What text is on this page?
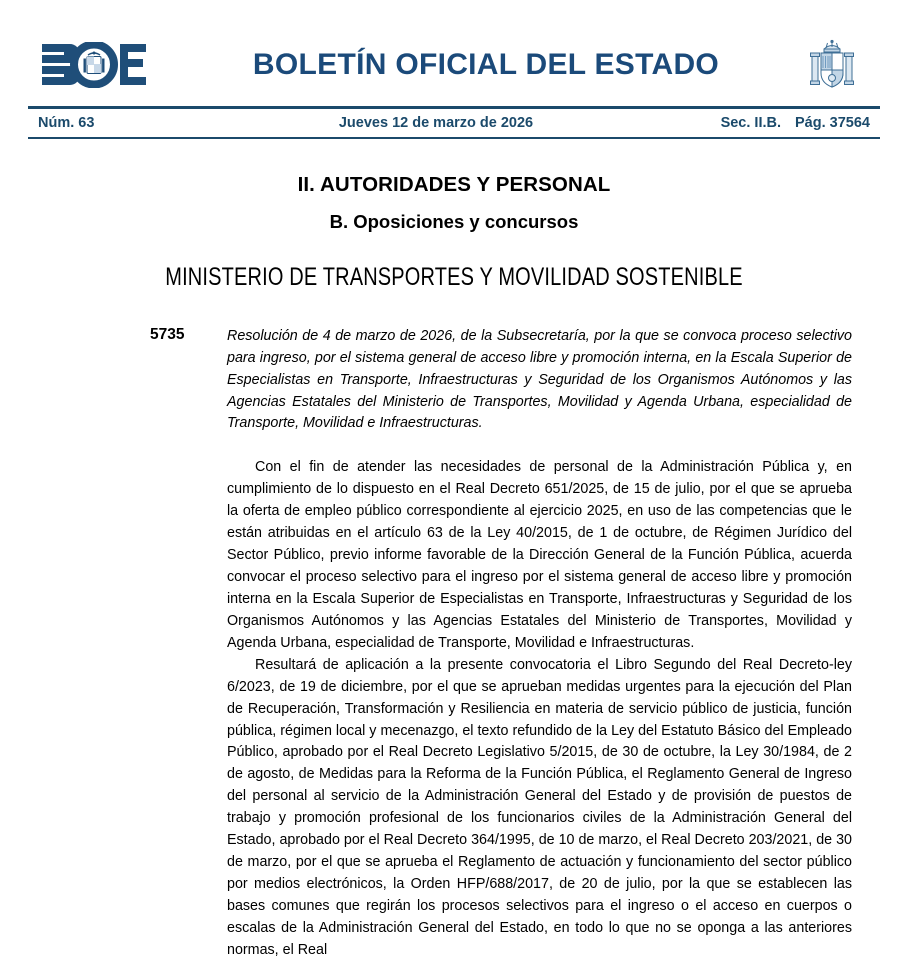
BOLETÍN OFICIAL DEL ESTADO
Núm. 63	Jueves 12 de marzo de 2026	Sec. II.B. Pág. 37564
II. AUTORIDADES Y PERSONAL
B. Oposiciones y concursos
MINISTERIO DE TRANSPORTES Y MOVILIDAD SOSTENIBLE
5735	Resolución de 4 de marzo de 2026, de la Subsecretaría, por la que se convoca proceso selectivo para ingreso, por el sistema general de acceso libre y promoción interna, en la Escala Superior de Especialistas en Transporte, Infraestructuras y Seguridad de los Organismos Autónomos y las Agencias Estatales del Ministerio de Transportes, Movilidad y Agenda Urbana, especialidad de Transporte, Movilidad e Infraestructuras.

Con el fin de atender las necesidades de personal de la Administración Pública y, en cumplimiento de lo dispuesto en el Real Decreto 651/2025, de 15 de julio, por el que se aprueba la oferta de empleo público correspondiente al ejercicio 2025, en uso de las competencias que le están atribuidas en el artículo 63 de la Ley 40/2015, de 1 de octubre, de Régimen Jurídico del Sector Público, previo informe favorable de la Dirección General de la Función Pública, acuerda convocar el proceso selectivo para el ingreso por el sistema general de acceso libre y promoción interna en la Escala Superior de Especialistas en Transporte, Infraestructuras y Seguridad de los Organismos Autónomos y las Agencias Estatales del Ministerio de Transportes, Movilidad y Agenda Urbana, especialidad de Transporte, Movilidad e Infraestructuras.

Resultará de aplicación a la presente convocatoria el Libro Segundo del Real Decreto-ley 6/2023, de 19 de diciembre, por el que se aprueban medidas urgentes para la ejecución del Plan de Recuperación, Transformación y Resiliencia en materia de servicio público de justicia, función pública, régimen local y mecenazgo, el texto refundido de la Ley del Estatuto Básico del Empleado Público, aprobado por el Real Decreto Legislativo 5/2015, de 30 de octubre, la Ley 30/1984, de 2 de agosto, de Medidas para la Reforma de la Función Pública, el Reglamento General de Ingreso del personal al servicio de la Administración General del Estado y de provisión de puestos de trabajo y promoción profesional de los funcionarios civiles de la Administración General del Estado, aprobado por el Real Decreto 364/1995, de 10 de marzo, el Real Decreto 203/2021, de 30 de marzo, por el que se aprueba el Reglamento de actuación y funcionamiento del sector público por medios electrónicos, la Orden HFP/688/2017, de 20 de julio, por la que se establecen las bases comunes que regirán los procesos selectivos para el ingreso o el acceso en cuerpos o escalas de la Administración General del Estado, en todo lo que no se oponga a las anteriores normas, el Real
